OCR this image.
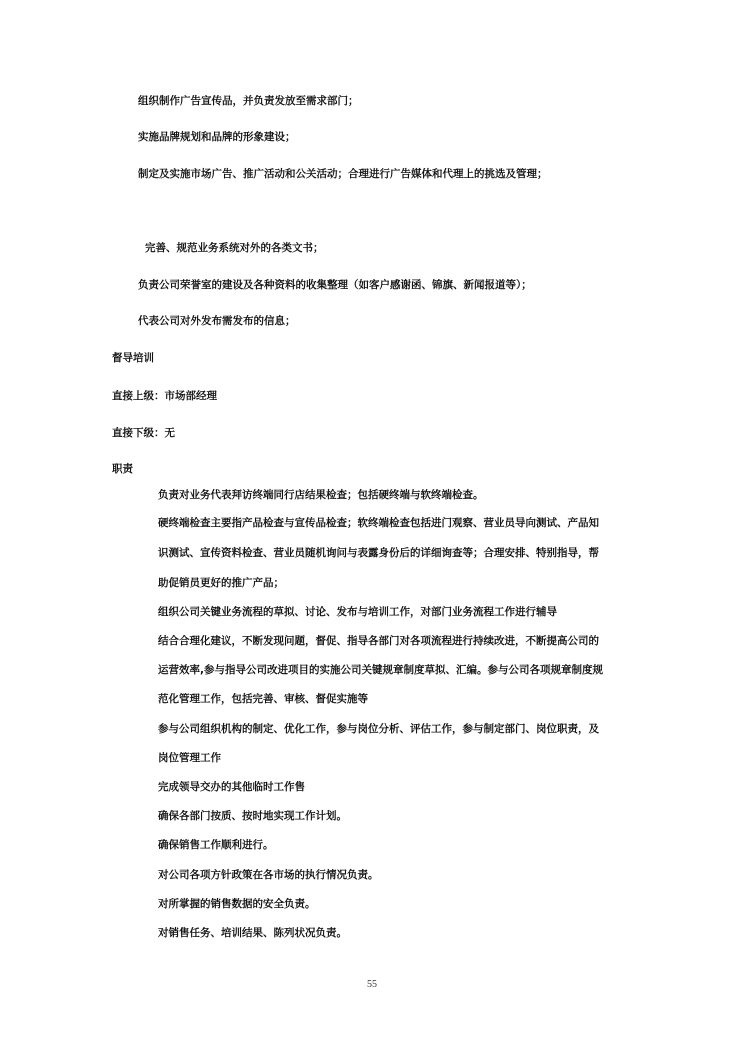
组织制作广告宣传品，并负责发放至需求部门；
实施品牌规划和品牌的形象建设；
制定及实施市场广告、推广活动和公关活动；合理进行广告媒体和代理上的挑选及管理；
完善、规范业务系统对外的各类文书；
负责公司荣誉室的建设及各种资料的收集整理（如客户感谢函、锦旗、新闻报道等）；
代表公司对外发布需发布的信息；
督导培训
直接上级：市场部经理
直接下级：无
职责
负责对业务代表拜访终端同行店结果检查；包括硬终端与软终端检查。
硬终端检查主要指产品检查与宣传品检查；软终端检查包括进门观察、营业员导向测试、产品知
识测试、宣传资料检查、营业员随机询问与表露身份后的详细询查等；合理安排、特别指导，帮
助促销员更好的推广产品；
组织公司关键业务流程的草拟、讨论、发布与培训工作，对部门业务流程工作进行辅导
结合合理化建议，不断发现问题，督促、指导各部门对各项流程进行持续改进，不断提高公司的
运营效率,参与指导公司改进项目的实施公司关键规章制度草拟、汇编。参与公司各项规章制度规
范化管理工作，包括完善、审核、督促实施等
参与公司组织机构的制定、优化工作，参与岗位分析、评估工作，参与制定部门、岗位职责，及
岗位管理工作
完成领导交办的其他临时工作售
确保各部门按质、按时地实现工作计划。
确保销售工作顺利进行。
对公司各项方针政策在各市场的执行情况负责。
对所掌握的销售数据的安全负责。
对销售任务、培训结果、陈列状况负责。
55
